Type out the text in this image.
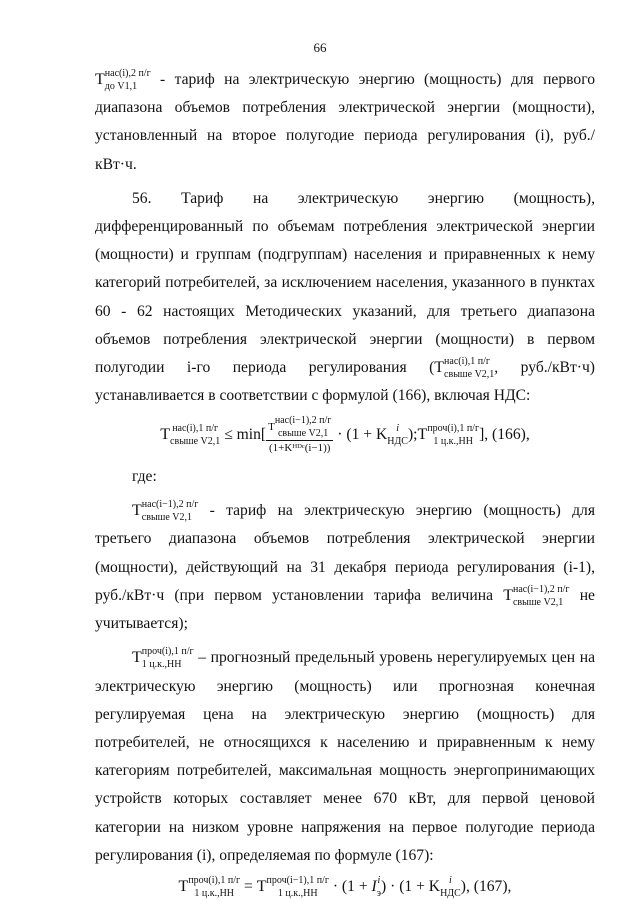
66

Т нас(i),2 п/г
до V1,1	- тариф на электрическую энергию (мощность) для первого диапазона объемов потребления электрической энергии (мощности), установленный на второе полугодие периода регулирования (i), руб./кВт·ч.

56. Тариф на электрическую энергию (мощность), дифференцированный по объемам потребления электрической энергии (мощности) и группам (подгруппам) населения и приравненных к нему категорий потребителей, за исключением населения, указанного в пунктах 60 - 62 настоящих Методических указаний, для третьего диапазона объемов потребления электрической энергии (мощности) в первом полугодии i-го периода регулирования (Т нас(i),1 п/г
свыше V2,1 , руб./кВт·ч) устанавливается в соответствии с формулой (166), включая НДС:

Т нас(i),1 п/г
свыше V2,1 ≤ min[ Т
нас(i−1),2 п/г
свыше V2,1
(1+Kᴴᴰᶜ(i−1)) · (1 + K i
НДС );Т проч(i),1 п/г
1 ц.к.,НН ], (166),

где:

Т нас(i−1),2 п/г
свыше V2,1	- тариф на электрическую энергию (мощность) для третьего диапазона объемов потребления электрической энергии (мощности), действующий на 31 декабря периода регулирования (i-1), руб./кВт·ч (при первом установлении тарифа величина Т нас(i−1),2 п/г
свыше V2,1	не учитывается);

Т проч(i),1 п/г
1 ц.к.,НН	– прогнозный предельный уровень нерегулируемых цен на электрическую энергию (мощность) или прогнозная конечная регулируемая цена на электрическую энергию (мощность) для потребителей, не относящихся к населению и приравненным к нему категориям потребителей, максимальная мощность энергопринимающих устройств которых составляет менее 670 кВт, для первой ценовой категории на низком уровне напряжения на первое полугодие периода регулирования (i), определяемая по формуле (167):

Т проч(i),1 п/г
1 ц.к.,НН = Т проч(i−1),1 п/г
1 ц.к.,НН · (1 + I i
э ) · (1 + K i
НДС ), (167),
